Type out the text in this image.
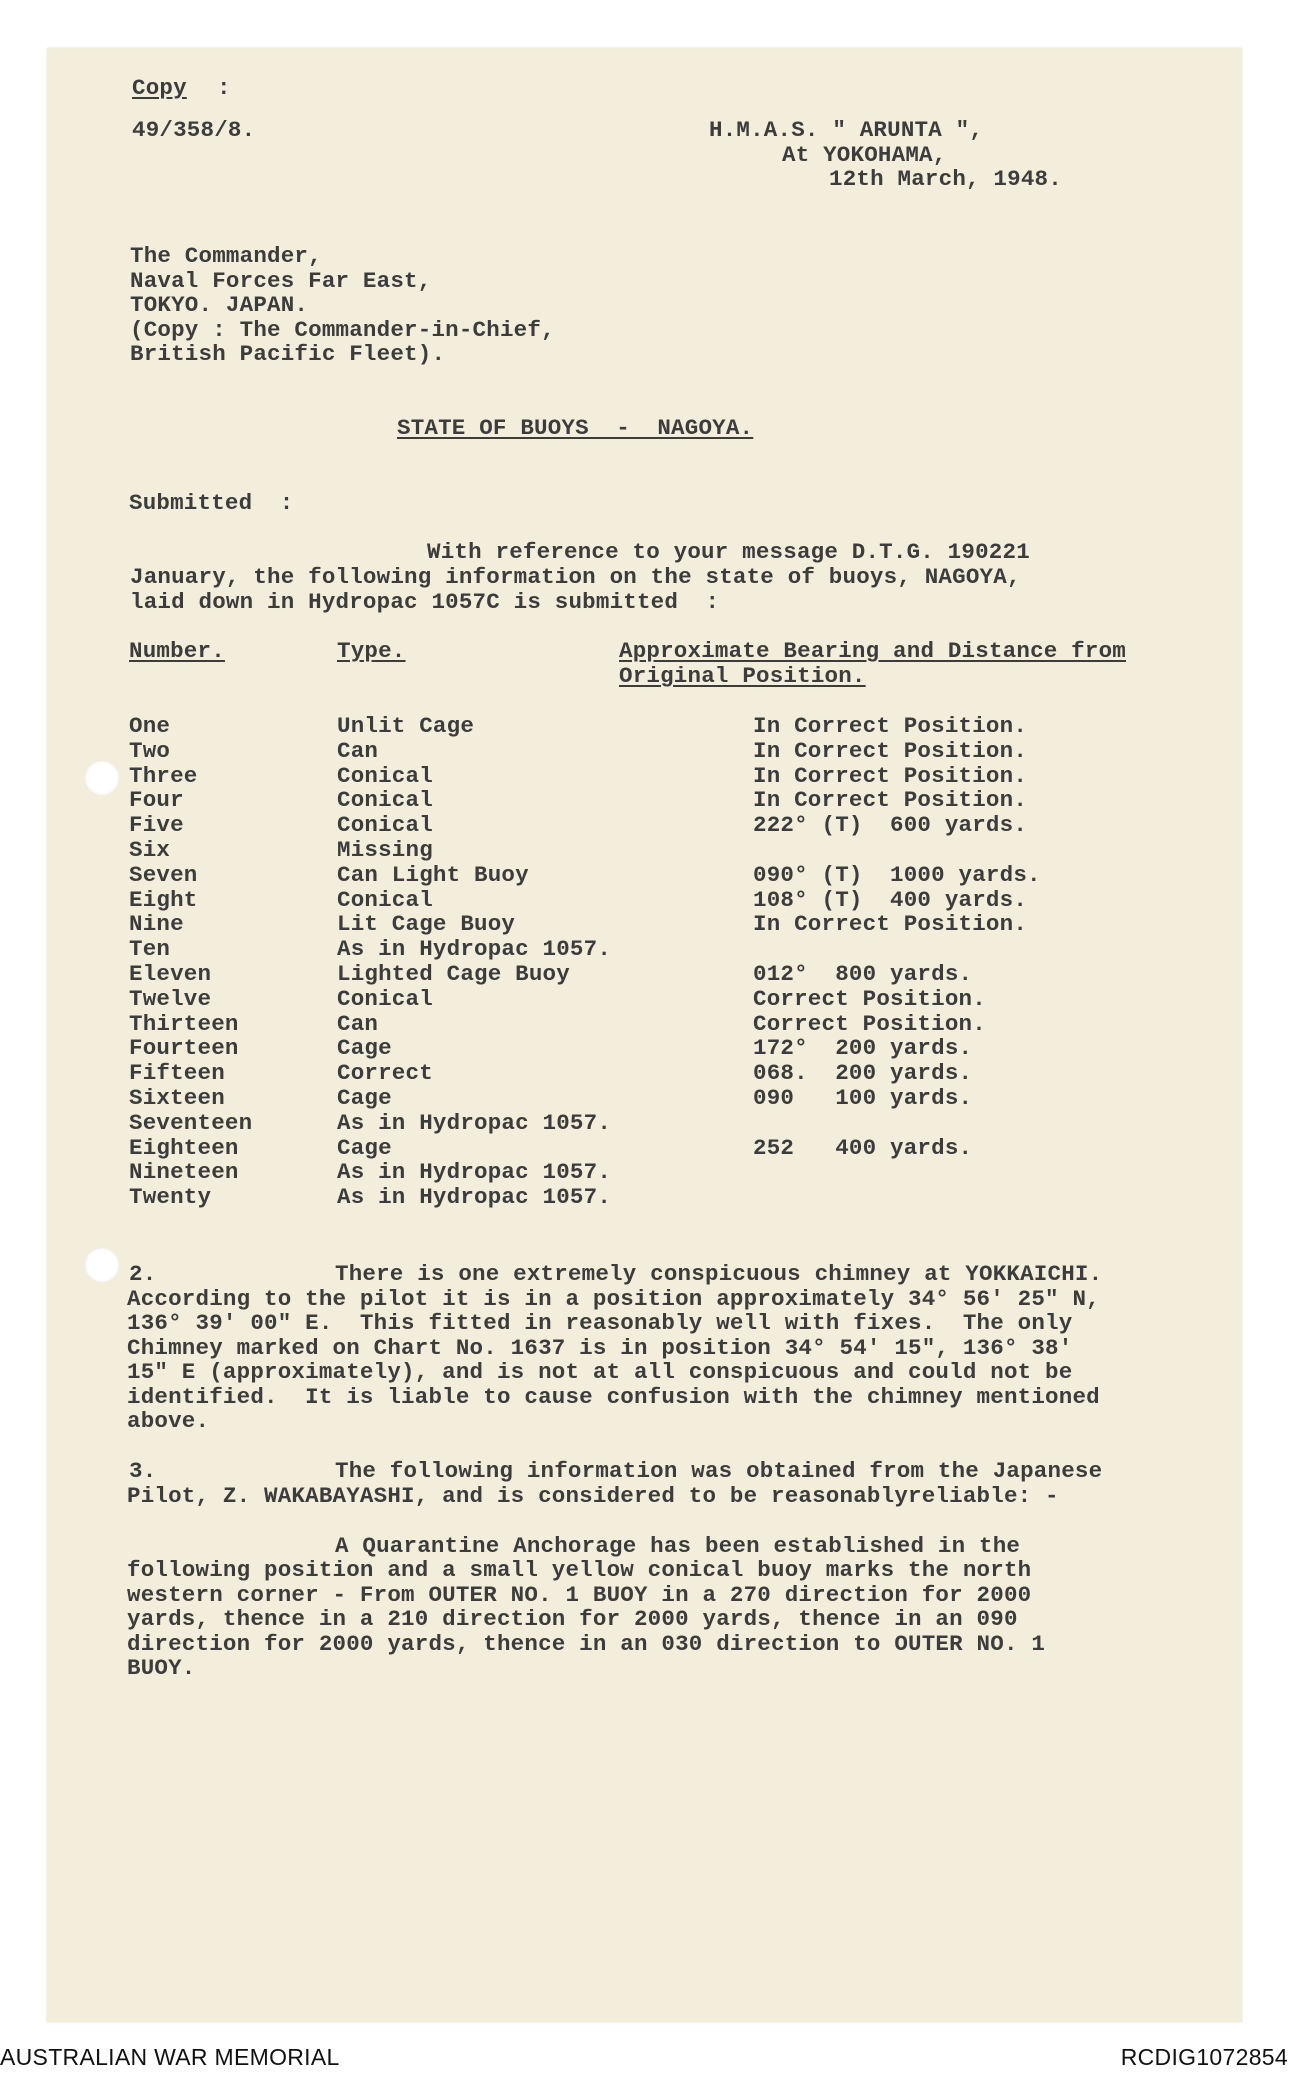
Copy :
49/358/8.	H.M.A.S. " ARUNTA ",
At YOKOHAMA,
12th March, 1948.
The Commander,
Naval Forces Far East,
TOKYO. JAPAN.
(Copy : The Commander-in-Chief,
British Pacific Fleet).
STATE OF BUOYS  -  NAGOYA.
Submitted  :
With reference to your message D.T.G. 190221
January, the following information on the state of buoys, NAGOYA,
laid down in Hydropac 1057C is submitted  :
Number.	Type.	Approximate Bearing and Distance from
Original Position.
One	Unlit Cage	In Correct Position.
Two	Can	In Correct Position.
Three	Conical	In Correct Position.
Four	Conical	In Correct Position.
Five	Conical	222° (T)  600 yards.
Six	Missing
Seven	Can Light Buoy	090° (T)  1000 yards.
Eight	Conical	108° (T)  400 yards.
Nine	Lit Cage Buoy	In Correct Position.
Ten	As in Hydropac 1057.
Eleven	Lighted Cage Buoy	012°  800 yards.
Twelve	Conical	Correct Position.
Thirteen	Can	Correct Position.
Fourteen	Cage	172°  200 yards.
Fifteen	Correct	068.  200 yards.
Sixteen	Cage	090   100 yards.
Seventeen	As in Hydropac 1057.
Eighteen	Cage	252   400 yards.
Nineteen	As in Hydropac 1057.
Twenty	As in Hydropac 1057.
2.	There is one extremely conspicuous chimney at YOKKAICHI.
According to the pilot it is in a position approximately 34° 56' 25" N,
136° 39' 00" E.  This fitted in reasonably well with fixes.  The only
Chimney marked on Chart No. 1637 is in position 34° 54' 15", 136° 38'
15" E (approximately), and is not at all conspicuous and could not be
identified.  It is liable to cause confusion with the chimney mentioned
above.
3.	The following information was obtained from the Japanese
Pilot, Z. WAKABAYASHI, and is considered to be reasonablyreliable: -
A Quarantine Anchorage has been established in the
following position and a small yellow conical buoy marks the north
western corner - From OUTER NO. 1 BUOY in a 270 direction for 2000
yards, thence in a 210 direction for 2000 yards, thence in an 090
direction for 2000 yards, thence in an 030 direction to OUTER NO. 1
BUOY.
AUSTRALIAN WAR MEMORIAL	RCDIG1072854
